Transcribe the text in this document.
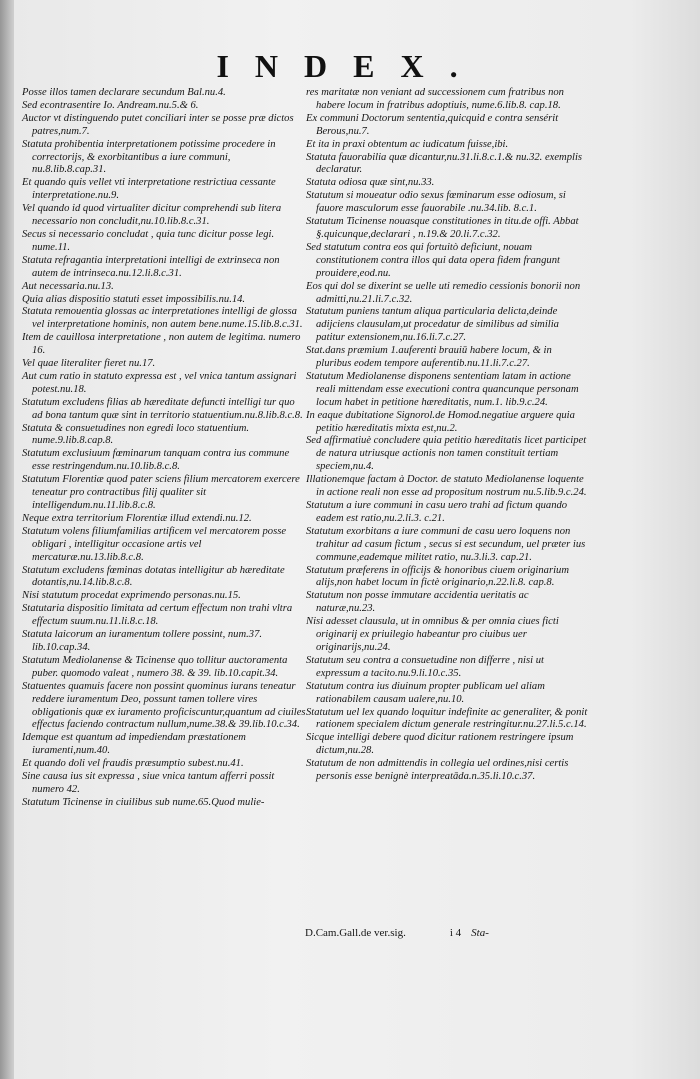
INDEX.

Posse illos tamen declarare secundum Bal.nu.4.

Sed econtrasentire Io. Andream.nu.5.& 6.

Auctor vt distinguendo putet conciliari inter se posse præ dictos patres,num.7.

Statuta prohibentia interpretationem potissime procedere in correctorijs, & exorbitantibus a iure communi, nu.8.lib.8.cap.31.

Et quando quis vellet vti interpretatione restrictiua cessante interpretatione.nu.9.

Vel quando id quod virtualiter dicitur comprehendi sub litera necessario non concludit,nu.10.lib.8.c.31.

Secus si necessario concludat , quia tunc dicitur posse legi. nume.11.

Statuta refragantia interpretationi intelligi de extrinseca non autem de intrinseca.nu.12.li.8.c.31.

Aut necessaria.nu.13.

Quia alias dispositio statuti esset impossibilis.nu.14.

Statuta remouentia glossas ac interpretationes intelligi de glossa vel interpretatione hominis, non autem bene.nume.15.lib.8.c.31.

Item de cauillosa interpretatione , non autem de legitima. numero 16.

Vel quae literaliter fieret nu.17.

Aut cum ratio in statuto expressa est , vel vnica tantum assignari potest.nu.18.

Statutum excludens filias ab hæreditate defuncti intelligi tur quo ad bona tantum quæ sint in territorio statuentium.nu.8.lib.8.c.8.

Statuta & consuetudines non egredi loco statuentium. nume.9.lib.8.cap.8.

Statutum exclusiuum fœminarum tanquam contra ius commune esse restringendum.nu.10.lib.8.c.8.

Statutum Florentiæ quod pater sciens filium mercatorem exercere teneatur pro contractibus filij qualiter sit intelligendum.nu.11.lib.8.c.8.

Neque extra territorium Florentiæ illud extendi.nu.12.

Statutum volens filiumfamilias artificem vel mercatorem posse obligari , intelligitur occasione artis vel mercaturæ.nu.13.lib.8.c.8.

Statutum excludens fœminas dotatas intelligitur ab hæreditate dotantis,nu.14.lib.8.c.8.

Nisi statutum procedat exprimendo personas.nu.15.

Statutaria dispositio limitata ad certum effectum non trahi vltra effectum suum.nu.11.li.8.c.18.

Statuta laicorum an iuramentum tollere possint, num.37. lib.10.cap.34.

Statutum Mediolanense & Ticinense quo tollitur auctoramenta puber. quomodo valeat , numero 38. & 39. lib.10.capit.34.

Statuentes quamuis facere non possint quominus iurans teneatur reddere iuramentum Deo, possunt tamen tollere vires obligationis quæ ex iuramento proficiscuntur,quantum ad ciuiles effectus faciendo contractum nullum,nume.38.& 39.lib.10.c.34.

Idemque est quantum ad impediendam præstationem iuramenti,num.40.

Et quando doli vel fraudis præsumptio subest.nu.41.

Sine causa ius sit expressa , siue vnica tantum afferri possit numero 42.

Statutum Ticinense in ciuilibus sub nume.65.Quod mulie-

res maritatæ non veniant ad successionem cum fratribus non habere locum in fratribus adoptiuis, nume.6.lib.8. cap.18.

Ex communi Doctorum sententia,quicquid e contra sensérit Berous,nu.7.

Et ita in praxi obtentum ac iudicatum fuisse,ibi.

Statuta fauorabilia quæ dicantur,nu.31.li.8.c.1.& nu.32. exemplis declaratur.

Statuta odiosa quæ sint,nu.33.

Statutum si moueatur odio sexus fœminarum esse odiosum, si fauore masculorum esse fauorabile .nu.34.lib. 8.c.1.

Statutum Ticinense nouasque constitutiones in titu.de offi. Abbat §.quicunque,declarari , n.19.& 20.li.7.c.32.

Sed statutum contra eos qui fortuitò deficiunt, nouam constitutionem contra illos qui data opera fidem frangunt prouidere,eod.nu.

Eos qui dol se dixerint se uelle uti remedio cessionis bonorii non admitti,nu.21.li.7.c.32.

Statutum puniens tantum aliqua particularia delicta,deinde adijciens clausulam,ut procedatur de similibus ad similia patitur extensionem,nu.16.li.7.c.27.

Stat.dans præmium 1.auferenti brauiū habere locum, & in pluribus eodem tempore auferentib.nu.11.li.7.c.27.

Statutum Mediolanense disponens sententiam latam in actione reali mittendam esse executioni contra quancunque personam locum habet in petitione hæreditatis, num.1. lib.9.c.24.

In eaque dubitatione Signorol.de Homod.negatiue arguere quia petitio hæreditatis mixta est,nu.2.

Sed affirmatiuè concludere quia petitio hæreditatis licet participet de natura utriusque actionis non tamen constituit tertiam speciem,nu.4.

Illationemque factam à Doctor. de statuto Mediolanense loquente in actione reali non esse ad propositum nostrum nu.5.lib.9.c.24.

Statutum a iure communi in casu uero trahi ad fictum quando eadem est ratio,nu.2.li.3. c.21.

Statutum exorbitans a iure communi de casu uero loquens non trahitur ad casum fictum , secus si est secundum, uel præter ius commune,eademque militet ratio, nu.3.li.3. cap.21.

Statutum præferens in officijs & honoribus ciuem originarium alijs,non habet locum in fictè originario,n.22.li.8. cap.8.

Statutum non posse immutare accidentia ueritatis ac naturæ,nu.23.

Nisi adesset clausula, ut in omnibus & per omnia ciues ficti originarij ex priuilegio habeantur pro ciuibus uer originarijs,nu.24.

Statutum seu contra a consuetudine non differre , nisi ut expressum a tacito.nu.9.li.10.c.35.

Statutum contra ius diuinum propter publicam uel aliam rationabilem causam ualere,nu.10.

Statutum uel lex quando loquitur indefinite ac generaliter, & ponit rationem specialem dictum generale restringitur.nu.27.li.5.c.14.

Sicque intelligi debere quod dicitur rationem restringere ipsum dictum,nu.28.

Statutum de non admittendis in collegia uel ordines,nisi certis personis esse benignè interpreatāda.n.35.li.10.c.37.

D.Cam.Gall.de ver.sig.	i 4 Sta-
